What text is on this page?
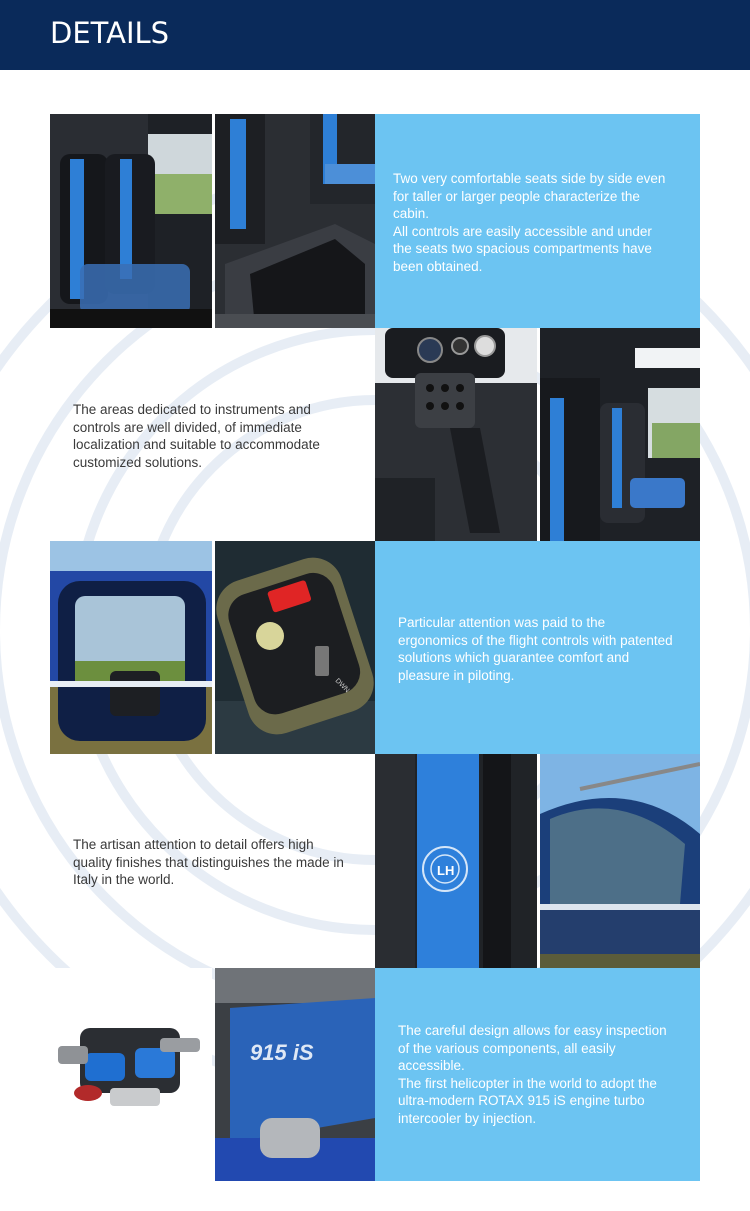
DETAILS

Two very comfortable seats side by side even for taller or larger people characterize the cabin.

All controls are easily accessible and under the seats two spacious compartments have been obtained.

The areas dedicated to instruments and controls are well divided, of immediate localization and suitable to accommodate customized solutions.

DWN

Particular attention was paid to the ergonomics of the flight controls with patented solutions which guarantee comfort and pleasure in piloting.

The artisan attention to detail offers high quality finishes that distinguishes the made in Italy in the world.

LH
915 iS

The careful design allows for easy inspection of the various components, all easily accessible.

The first helicopter in the world to adopt the ultra-modern ROTAX 915 iS engine turbo intercooler by injection.
